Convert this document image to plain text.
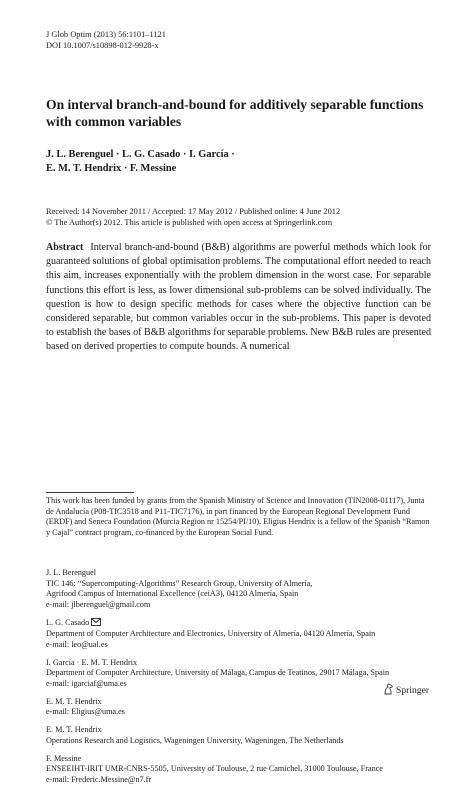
J Glob Optim (2013) 56:1101–1121
DOI 10.1007/s10898-012-9928-x
On interval branch-and-bound for additively separable functions with common variables
J. L. Berenguel · L. G. Casado · I. García ·
E. M. T. Hendrix · F. Messine
Received: 14 November 2011 / Accepted: 17 May 2012 / Published online: 4 June 2012
© The Author(s) 2012. This article is published with open access at Springerlink.com
Abstract Interval branch-and-bound (B&B) algorithms are powerful methods which look for guaranteed solutions of global optimisation problems. The computational effort needed to reach this aim, increases exponentially with the problem dimension in the worst case. For separable functions this effort is less, as lower dimensional sub-problems can be solved individually. The question is how to design specific methods for cases where the objective function can be considered separable, but common variables occur in the sub-problems. This paper is devoted to establish the bases of B&B algorithms for separable problems. New B&B rules are presented based on derived properties to compute bounds. A numerical
This work has been funded by grants from the Spanish Ministry of Science and Innovation (TIN2008-01117), Junta de Andalucía (P08-TIC3518 and P11-TIC7176), in part financed by the European Regional Development Fund (ERDF) and Seneca Foundation (Murcia Region nr 15254/PI/10). Eligius Hendrix is a fellow of the Spanish “Ramon y Cajal” contract program, co-financed by the European Social Fund.
J. L. Berenguel
TIC 146: “Supercomputing-Algorithms” Research Group, University of Almería,
Agrifood Campus of International Excellence (ceiA3), 04120 Almería, Spain
e-mail: jlberenguel@gmail.com
L. G. Casado
Department of Computer Architecture and Electronics, University of Almería, 04120 Almería, Spain
e-mail: leo@ual.es
I. García · E. M. T. Hendrix
Department of Computer Architecture, University of Málaga, Campus de Teatinos, 29017 Málaga, Spain
e-mail: igarciaf@uma.es
E. M. T. Hendrix
e-mail: Eligius@uma.es
E. M. T. Hendrix
Operations Research and Logistics, Wageningen University, Wageningen, The Netherlands
F. Messine
ENSEEIHT-IRIT UMR-CNRS-5505, University of Toulouse, 2 rue Camichel, 31000 Toulouse, France
e-mail: Frederic.Messine@n7.fr
Springer
